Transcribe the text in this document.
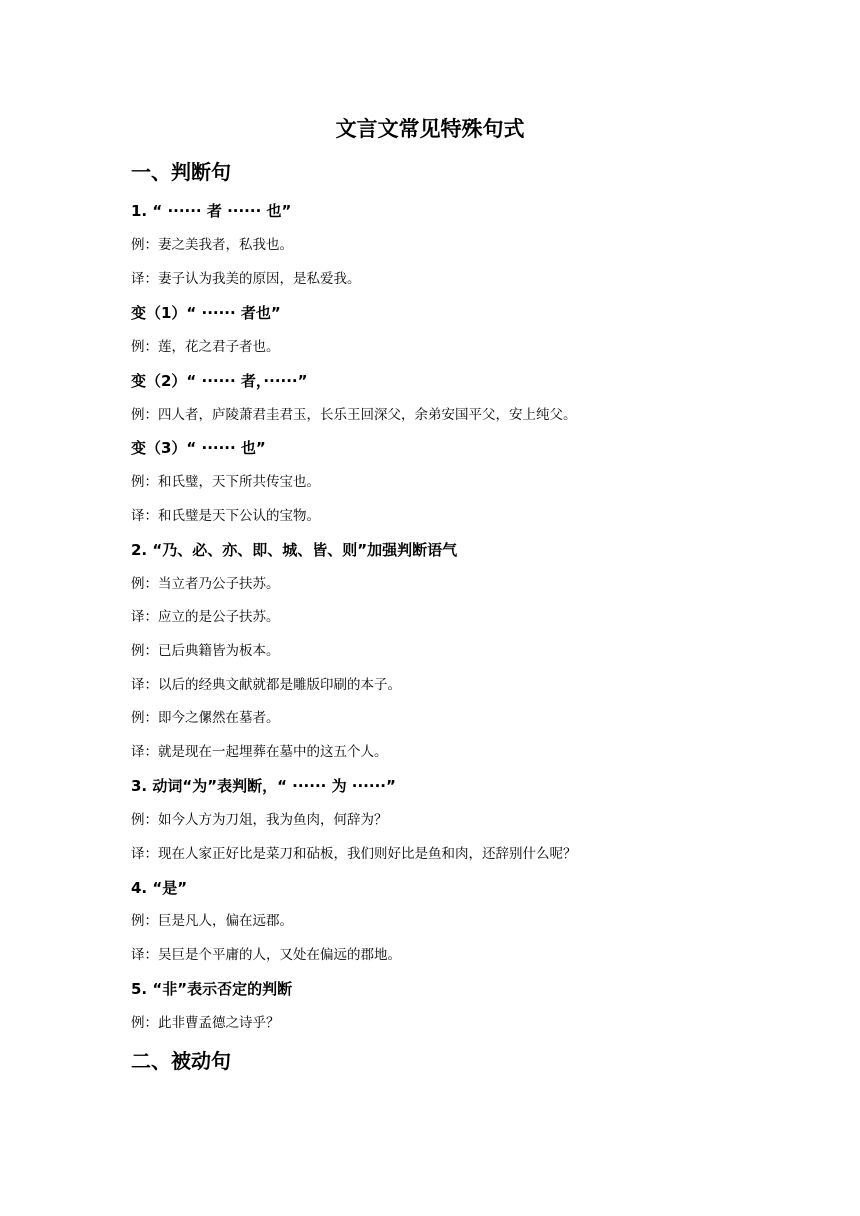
文言文常见特殊句式
一、判断句

1. “ ······ 者 ······ 也”

例：妻之美我者，私我也。

译：妻子认为我美的原因，是私爱我。

变（1）“ ······ 者也”

例：莲，花之君子者也。

变（2）“ ······ 者，······”

例：四人者，庐陵萧君圭君玉，长乐王回深父，余弟安国平父，安上纯父。

变（3）“ ······ 也”

例：和氏璧，天下所共传宝也。

译：和氏璧是天下公认的宝物。

2. “乃、必、亦、即、城、皆、则”加强判断语气

例：当立者乃公子扶苏。

译：应立的是公子扶苏。

例：已后典籍皆为板本。

译：以后的经典文献就都是雕版印刷的本子。

例：即今之傫然在墓者。

译：就是现在一起埋葬在墓中的这五个人。

3. 动词“为”表判断，“ ······ 为 ······”

例：如今人方为刀俎，我为鱼肉，何辞为？

译：现在人家正好比是菜刀和砧板，我们则好比是鱼和肉，还辞别什么呢？

4. “是”

例：巨是凡人，偏在远郡。

译：吴巨是个平庸的人，又处在偏远的郡地。

5. “非”表示否定的判断

例：此非曹孟德之诗乎？

二、被动句
